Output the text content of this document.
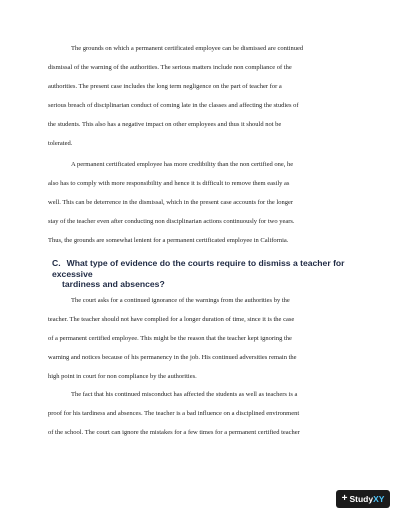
The grounds on which a permanent certificated employee can be dismissed are continued
dismissal of the warning of the authorities. The serious matters include non compliance of the
authorities. The present case includes the long term negligence on the part of teacher for a
serious breach of disciplinarian conduct of coming late in the classes and affecting the studies of
the students. This also has a negative impact on other employees and thus it should not be
tolerated.
A permanent certificated employee has more credibility than the non certified one, he
also has to comply with more responsibility and hence it is difficult to remove them easily as
well. This can be deterrence in the dismissal, which in the present case accounts for the longer
stay of the teacher even after conducting non disciplinarian actions continuously for two years.
Thus, the grounds are somewhat lenient for a permanent certificated employee in California.
C. What type of evidence do the courts require to dismiss a teacher for excessive
tardiness and absences?
The court asks for a continued ignorance of the warnings from the authorities by the
teacher. The teacher should not have complied for a longer duration of time, since it is the case
of a permanent certified employee. This might be the reason that the teacher kept ignoring the
warning and notices because of his permanency in the job. His continued adversities remain the
high point in court for non compliance by the authorities.
The fact that his continued misconduct has affected the students as well as teachers is a
proof for his tardiness and absences. The teacher is a bad influence on a disciplined environment
of the school. The court can ignore the mistakes for a few times for a permanent certified teacher
+ Study XY
